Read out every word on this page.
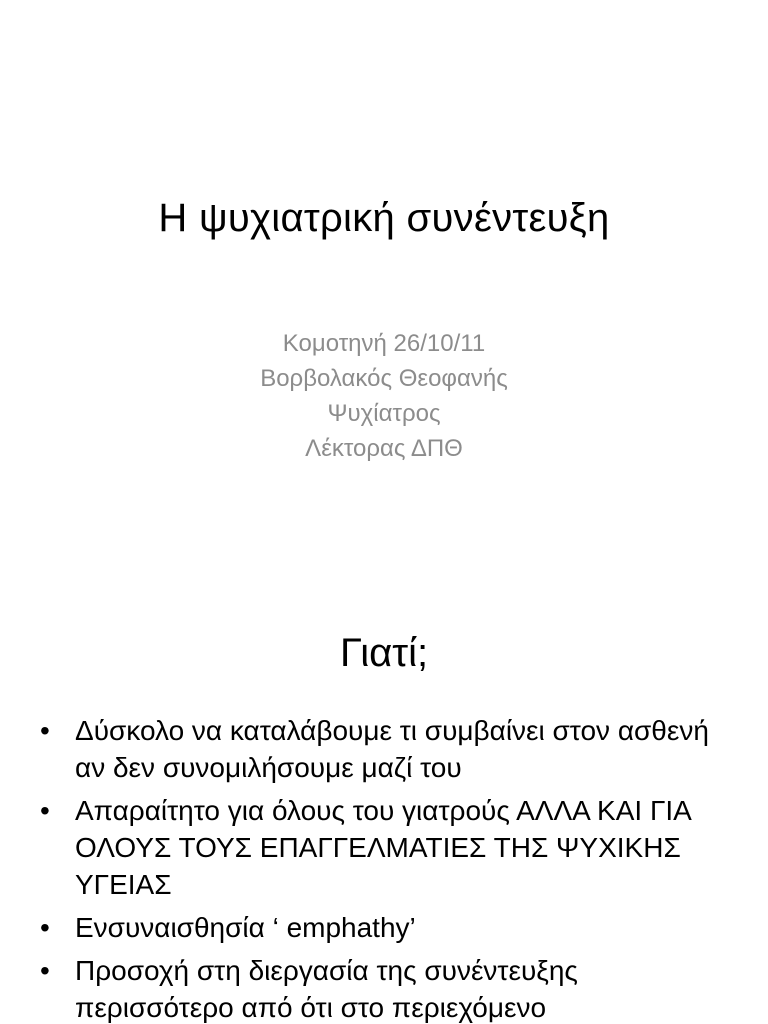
Η ψυχιατρική συνέντευξη
Κομοτηνή 26/10/11
Βορβολακός Θεοφανής
Ψυχίατρος
Λέκτορας ΔΠΘ
Γιατί;
• Δύσκολο να καταλάβουμε τι συμβαίνει στον ασθενή αν δεν συνομιλήσουμε μαζί του
• Απαραίτητο για όλους του γιατρούς ΑΛΛΑ ΚΑΙ ΓΙΑ ΟΛΟΥΣ ΤΟΥΣ ΕΠΑΓΓΕΛΜΑΤΙΕΣ ΤΗΣ ΨΥΧΙΚΗΣ ΥΓΕΙΑΣ
• Ενσυναισθησία ‘ emphathy’
• Προσοχή στη διεργασία της συνέντευξης περισσότερο από ότι στο περιεχόμενο
